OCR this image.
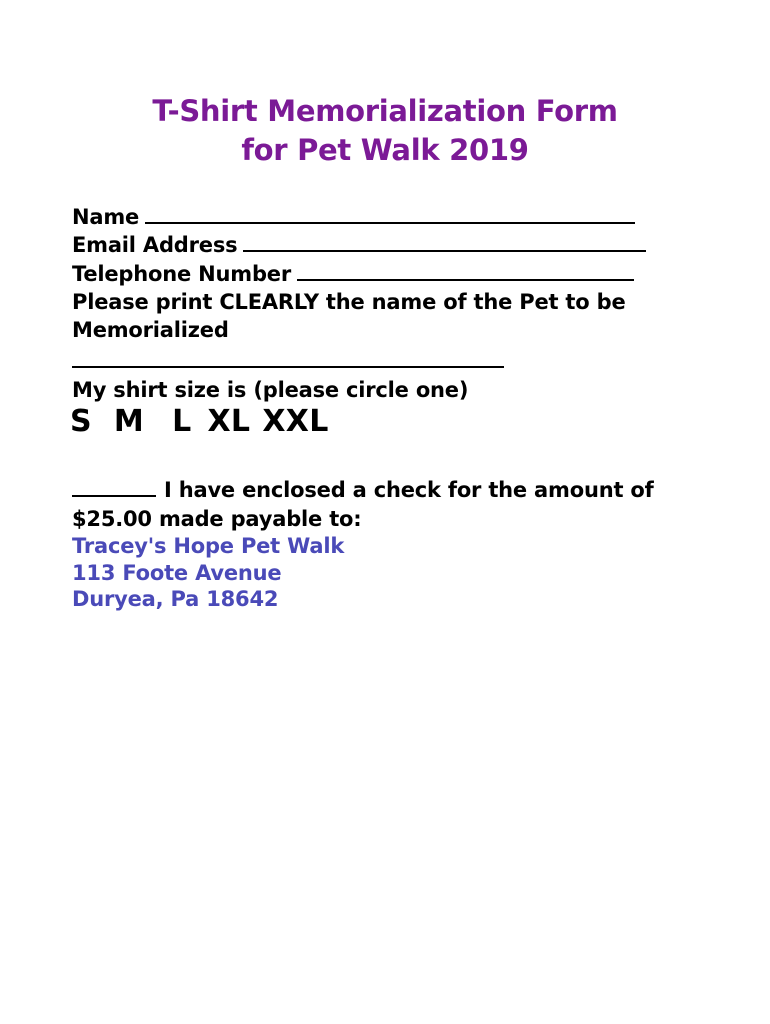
T-Shirt Memorialization Form
for Pet Walk 2019
Name
Email Address
Telephone Number
Please print CLEARLY the name of the Pet to be
Memorialized
My shirt size is (please circle one)
S M L XL XXL
I have enclosed a check for the amount of
$25.00 made payable to:
Tracey's Hope Pet Walk
113 Foote Avenue
Duryea, Pa 18642
